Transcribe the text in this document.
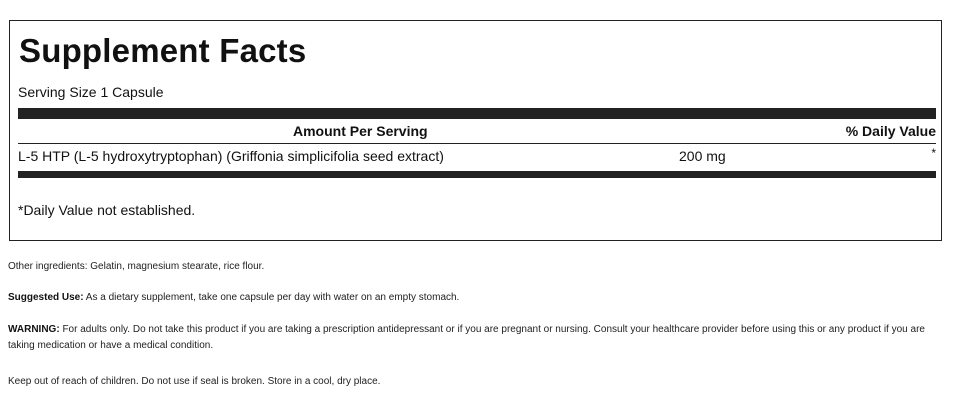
Supplement Facts
Serving Size 1 Capsule
Amount Per Serving	% Daily Value
L-5 HTP (L-5 hydroxytryptophan) (Griffonia simplicifolia seed extract)	200 mg	*
*Daily Value not established.
Other ingredients: Gelatin, magnesium stearate, rice flour.
Suggested Use: As a dietary supplement, take one capsule per day with water on an empty stomach.
WARNING: For adults only. Do not take this product if you are taking a prescription antidepressant or if you are pregnant or nursing. Consult your healthcare provider before using this or any product if you are taking medication or have a medical condition.
Keep out of reach of children. Do not use if seal is broken. Store in a cool, dry place.
